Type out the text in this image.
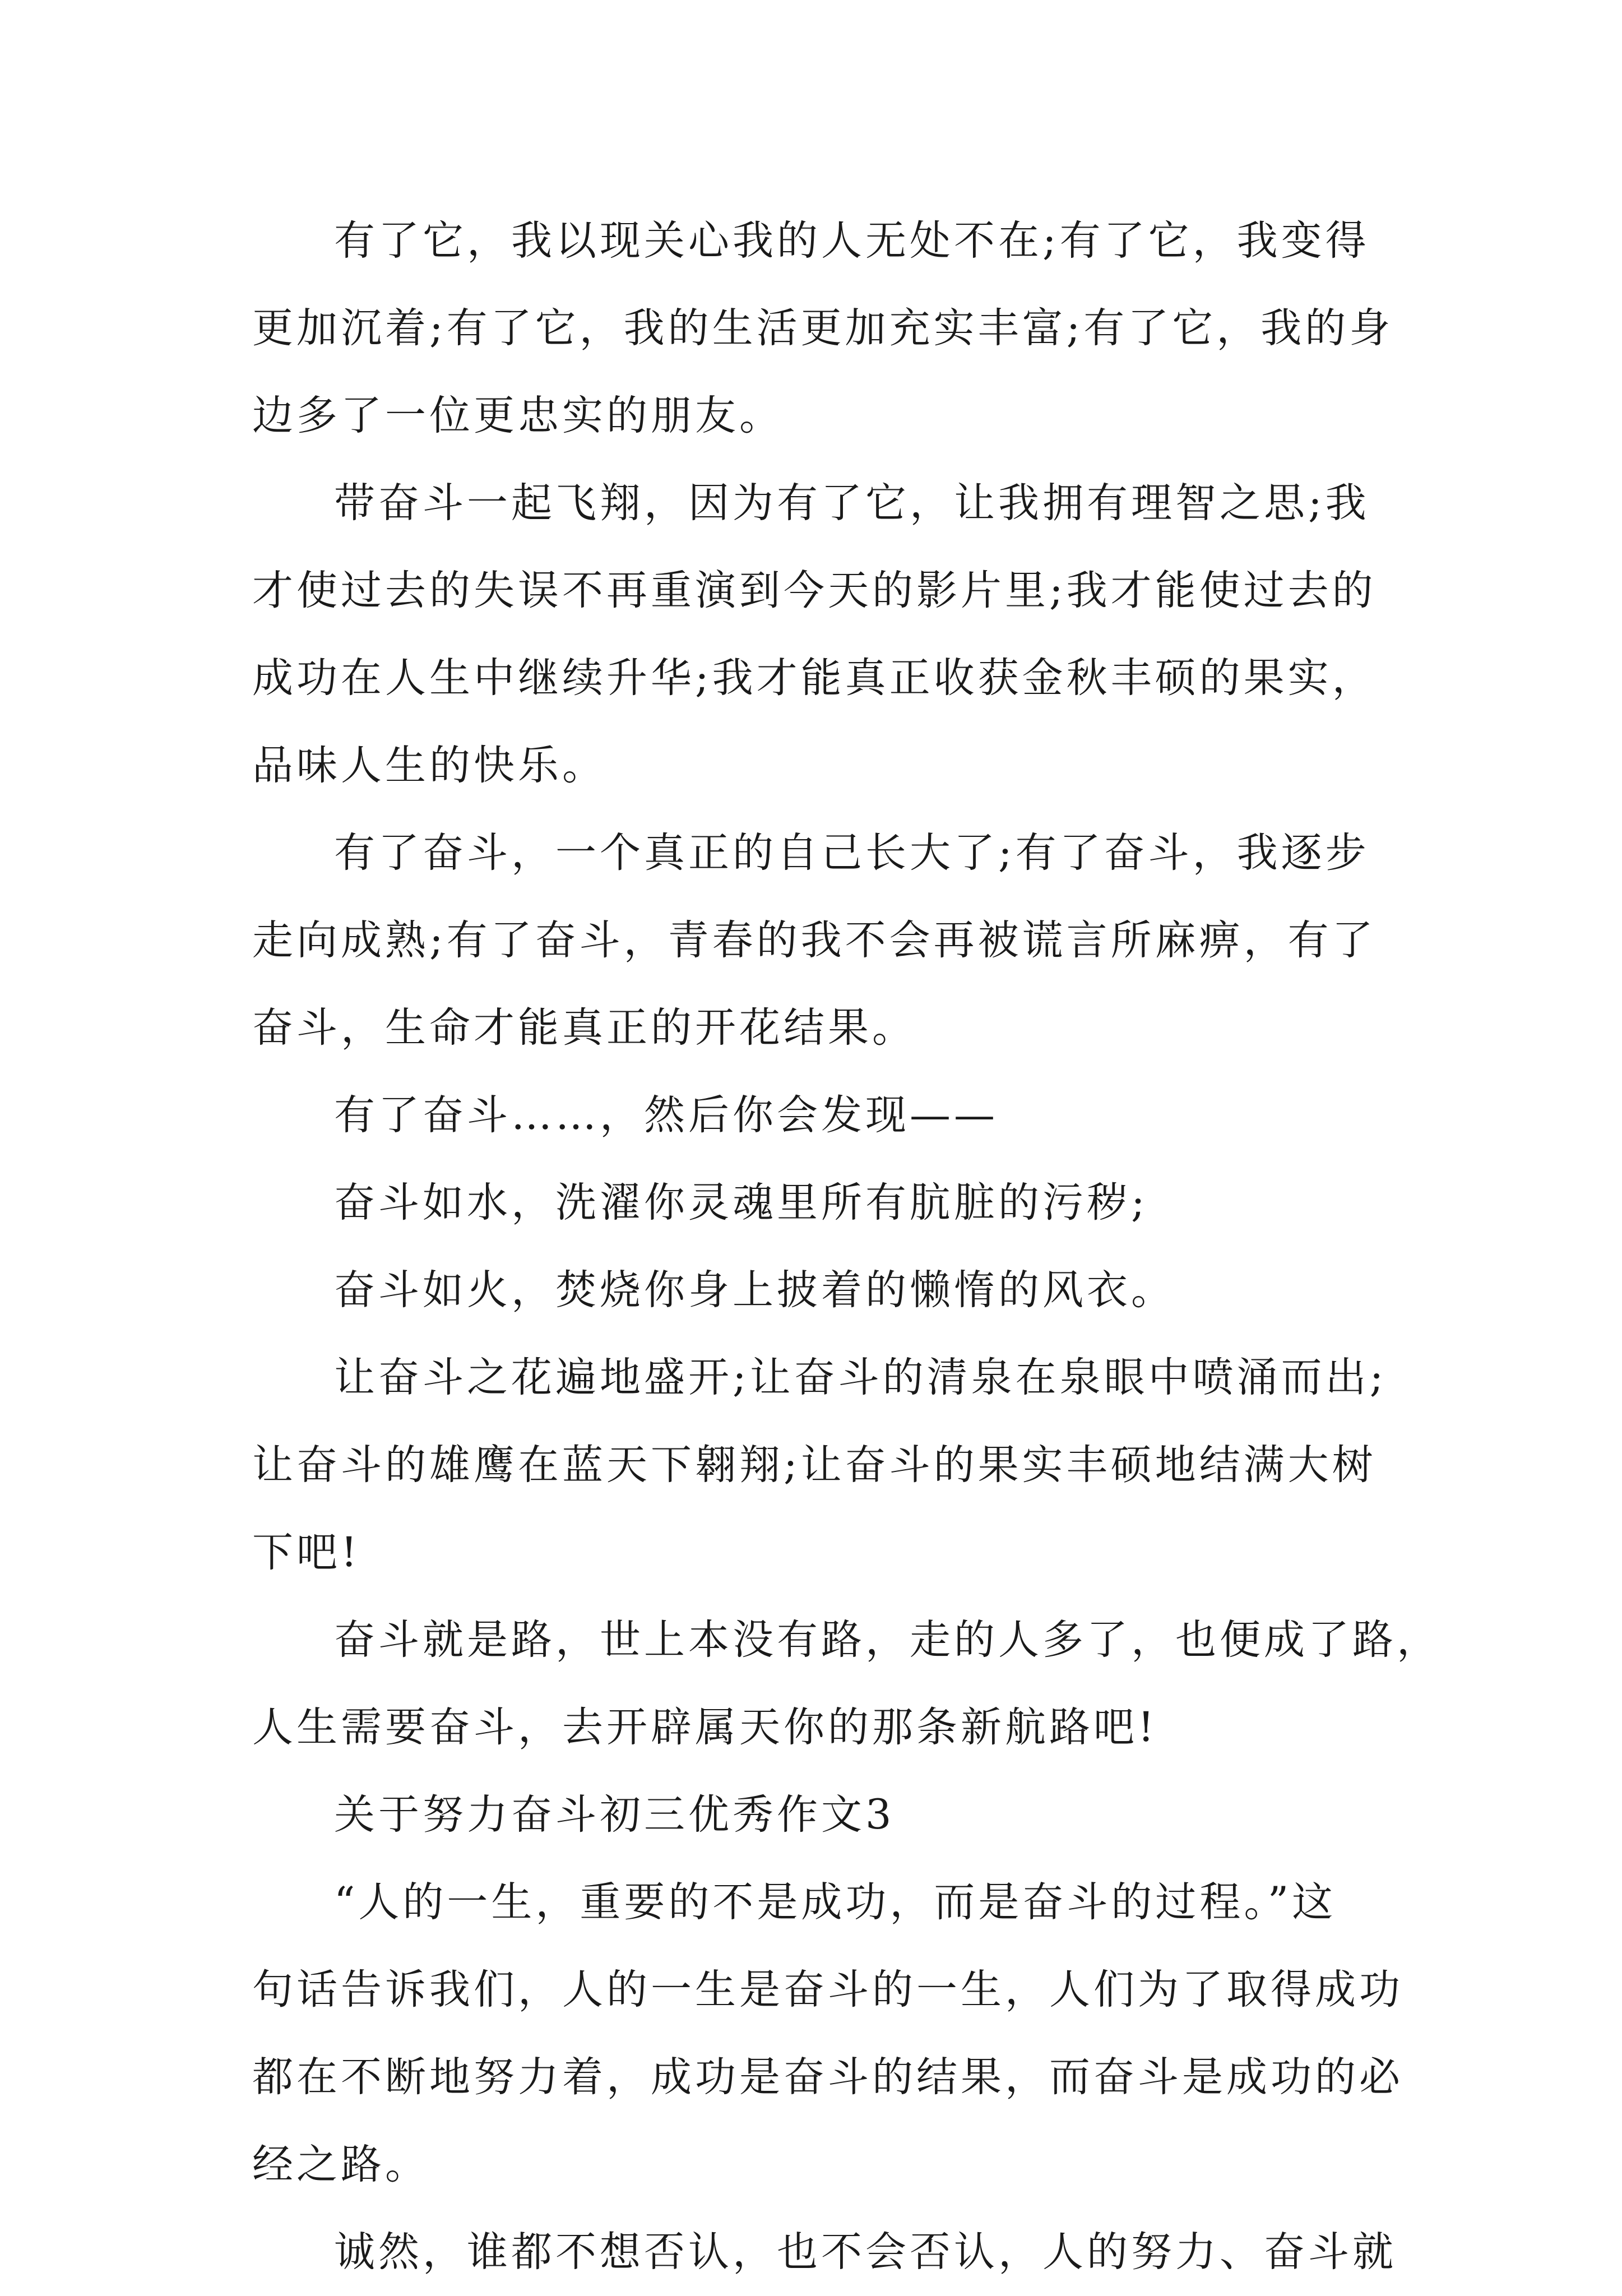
有了它，我以现关心我的人无处不在;有了它，我变得
更加沉着;有了它，我的生活更加充实丰富;有了它，我的身
边多了一位更忠实的朋友。
带奋斗一起飞翔，因为有了它，让我拥有理智之思;我
才使过去的失误不再重演到今天的影片里;我才能使过去的
成功在人生中继续升华;我才能真正收获金秋丰硕的果实，
品味人生的快乐。
有了奋斗，一个真正的自己长大了;有了奋斗，我逐步
走向成熟;有了奋斗，青春的我不会再被谎言所麻痹，有了
奋斗，生命才能真正的开花结果。
有了奋斗……，然后你会发现——
奋斗如水，洗濯你灵魂里所有肮脏的污秽;
奋斗如火，焚烧你身上披着的懒惰的风衣。
让奋斗之花遍地盛开;让奋斗的清泉在泉眼中喷涌而出;
让奋斗的雄鹰在蓝天下翱翔;让奋斗的果实丰硕地结满大树
下吧!
奋斗就是路，世上本没有路，走的人多了，也便成了路，
人生需要奋斗，去开辟属天你的那条新航路吧!
关于努力奋斗初三优秀作文3
“人的一生，重要的不是成功，而是奋斗的过程。”这
句话告诉我们，人的一生是奋斗的一生，人们为了取得成功
都在不断地努力着，成功是奋斗的结果，而奋斗是成功的必
经之路。
诚然，谁都不想否认，也不会否认，人的努力、奋斗就
